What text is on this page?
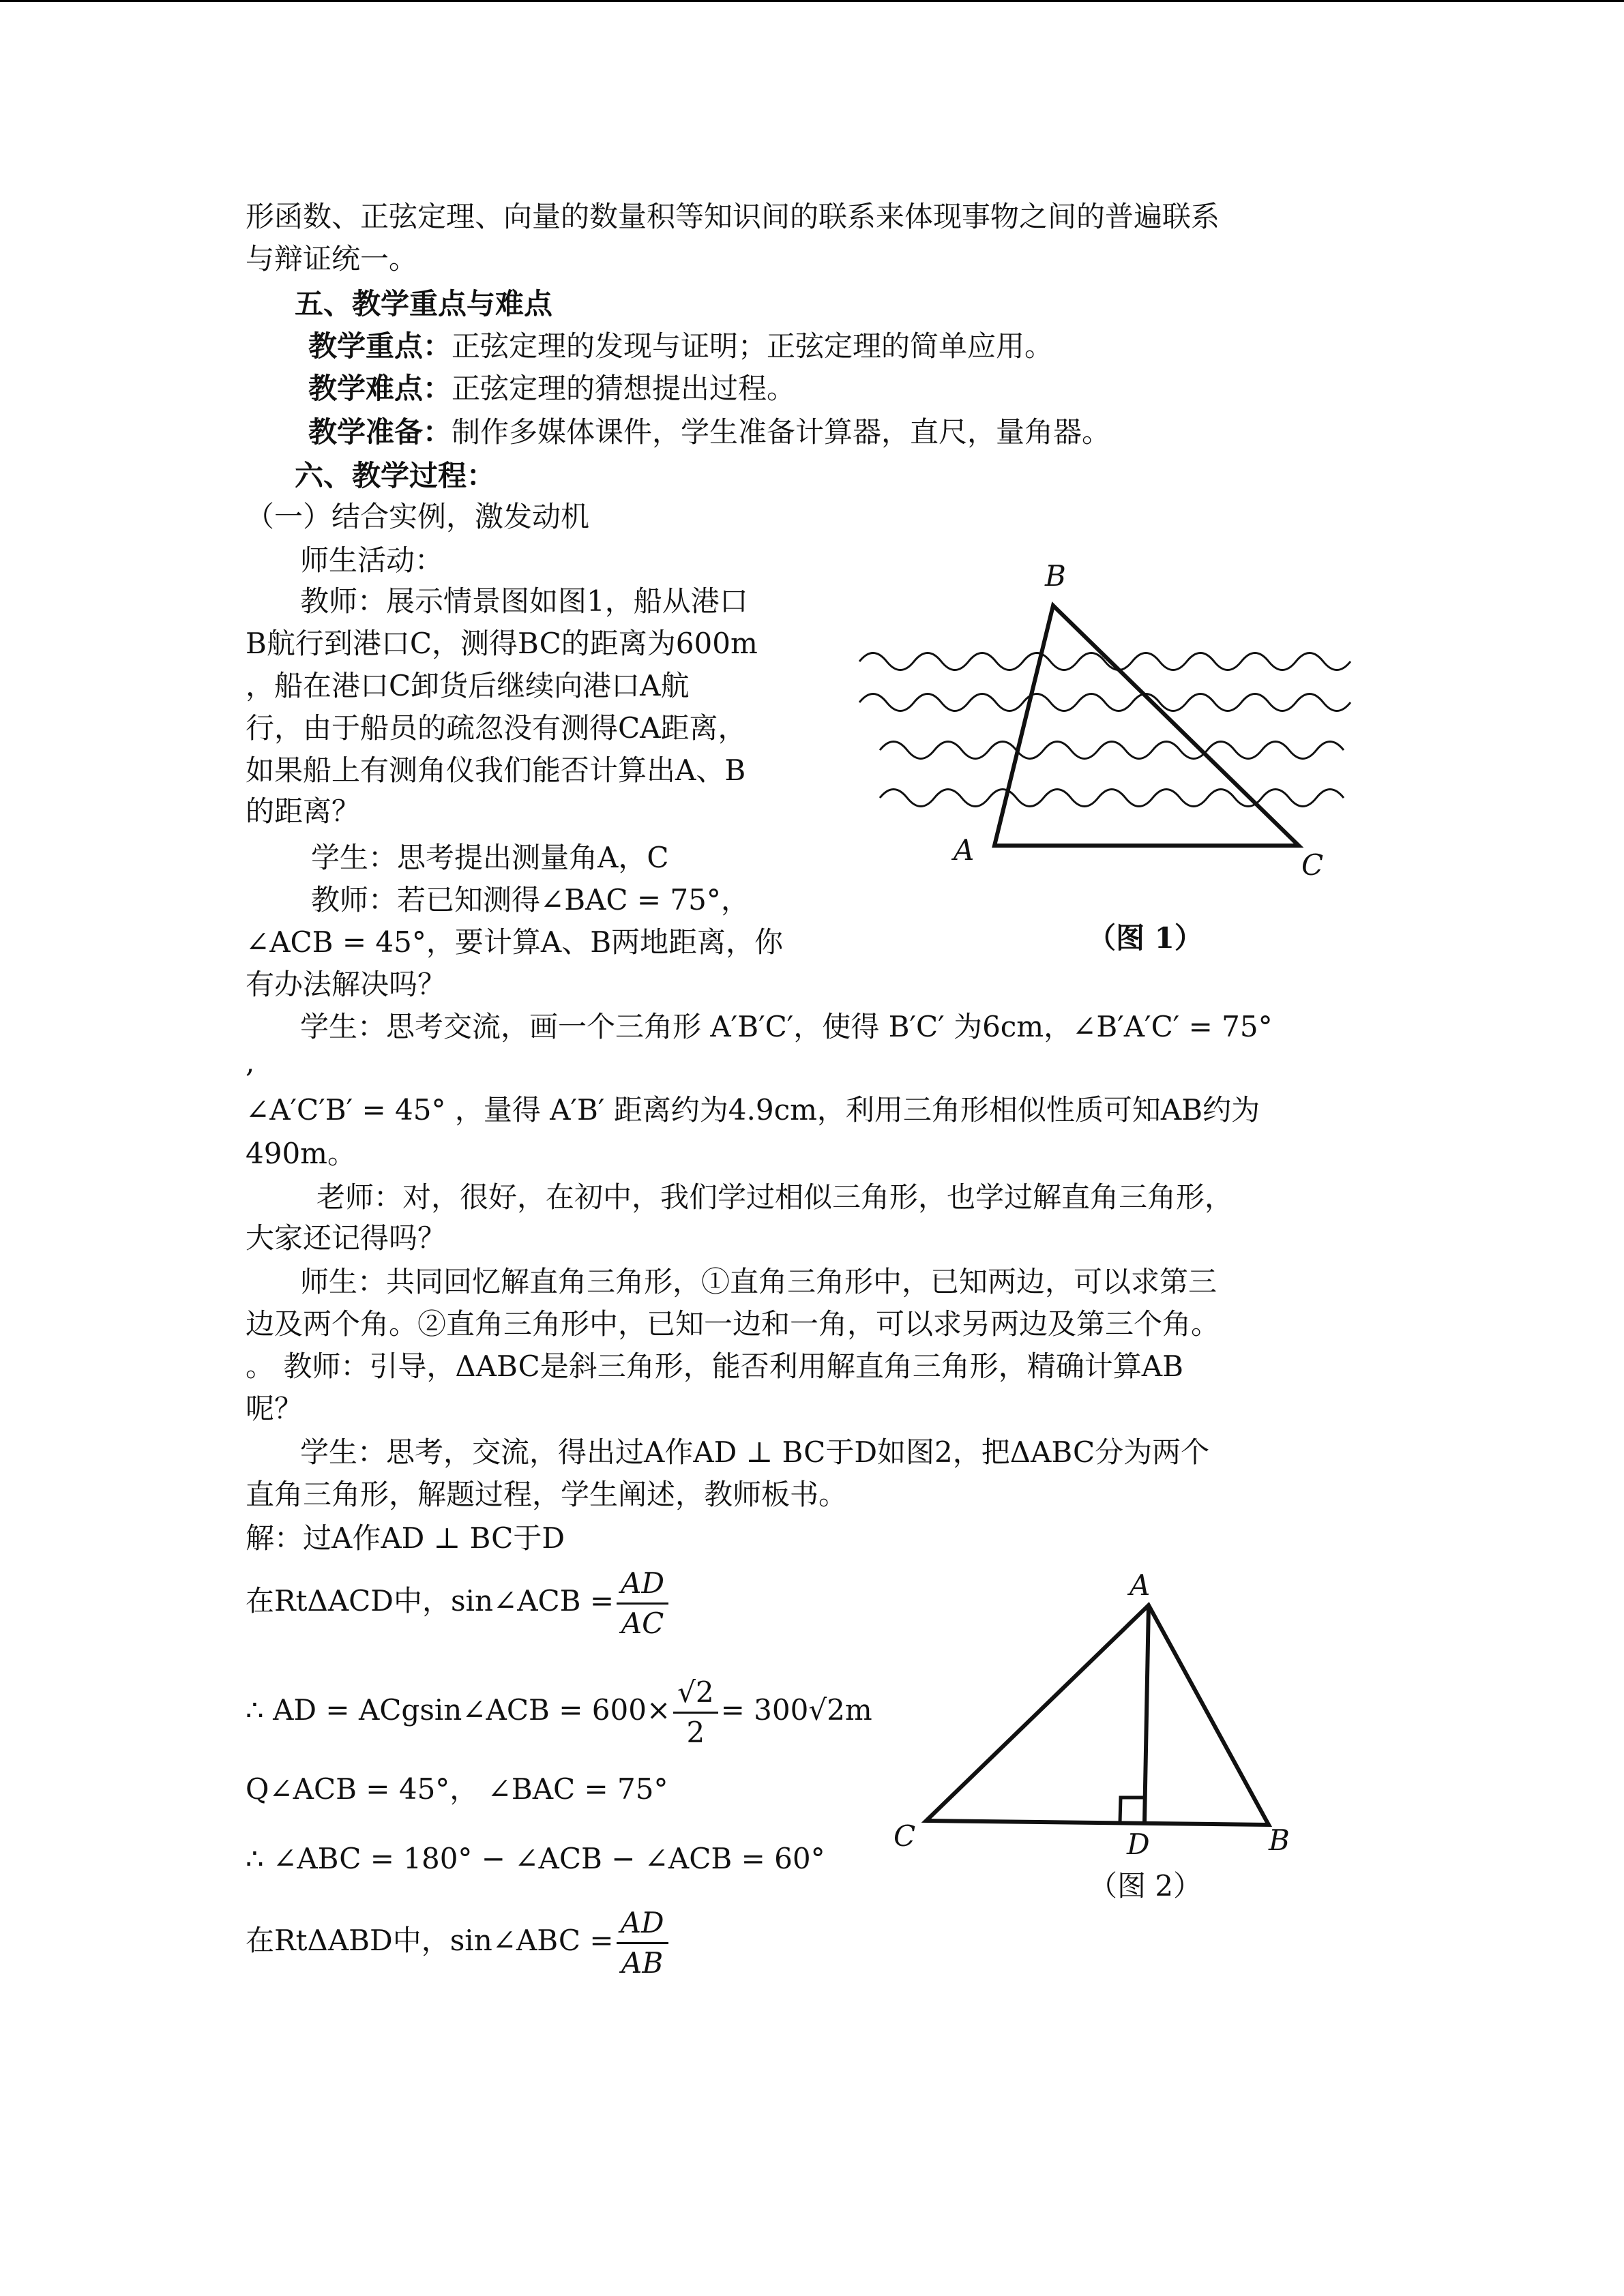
形函数、正弦定理、向量的数量积等知识间的联系来体现事物之间的普遍联系
与辩证统一。
五、教学重点与难点
教学重点：正弦定理的发现与证明；正弦定理的简单应用。
教学难点：正弦定理的猜想提出过程。
教学准备：制作多媒体课件，学生准备计算器，直尺，量角器。
六、教学过程：
（一）结合实例，激发动机
师生活动：
教师：展示情景图如图1，船从港口
B航行到港口C，测得BC的距离为600m
，船在港口C卸货后继续向港口A航
行，由于船员的疏忽没有测得CA距离，
如果船上有测角仪我们能否计算出A、B
的距离？
学生：思考提出测量角A，C
教师：若已知测得∠BAC = 75°，
∠ACB = 45°，要计算A、B两地距离，你
有办法解决吗？
学生：思考交流，画一个三角形 A′B′C′，使得 B′C′ 为6cm，∠B′A′C′ = 75°
,
∠A′C′B′ = 45° ，量得 A′B′ 距离约为4.9cm，利用三角形相似性质可知AB约为
490m。
老师：对，很好，在初中，我们学过相似三角形，也学过解直角三角形，
大家还记得吗？
师生：共同回忆解直角三角形，①直角三角形中，已知两边，可以求第三
边及两个角。②直角三角形中，已知一边和一角，可以求另两边及第三个角。
。 教师：引导，ΔABC是斜三角形，能否利用解直角三角形，精确计算AB
呢？
学生：思考，交流，得出过A作AD ⊥ BC于D如图2，把ΔABC分为两个
直角三角形，解题过程，学生阐述，教师板书。
解：过A作AD ⊥ BC于D
在RtΔACD中，sin∠ACB = $\frac{AD}{AC}$
∴ AD = ACgsin∠ACB = $600\times \frac{√2}{2} = 300√2m$
Q∠ACB = 45°， ∠BAC = 75°
∴ ∠ABC = 180° − ∠ACB − ∠ACB = 60°
在RtΔABD中，sin∠ABC = $\frac{AD}{AB}$
B
A	C
（图 1）
A
C	D	B
（图 2）
